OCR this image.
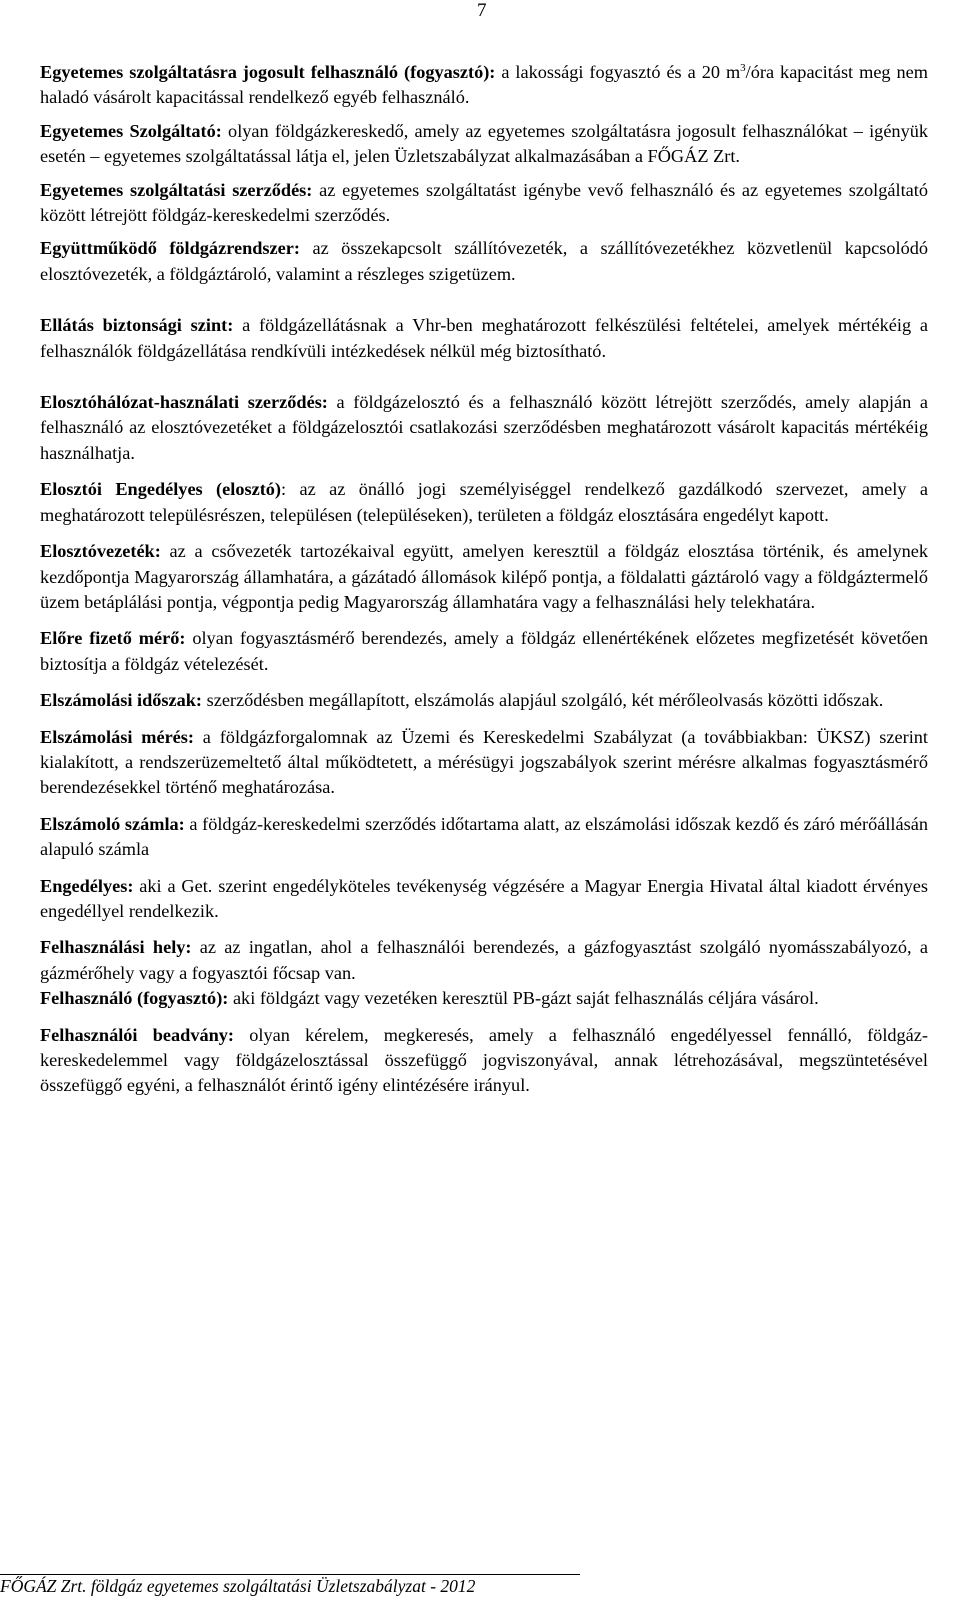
7

Egyetemes szolgáltatásra jogosult felhasználó (fogyasztó): a lakossági fogyasztó és a 20 $m^3$/óra kapacitást meg nem haladó vásárolt kapacitással rendelkező egyéb felhasználó.

Egyetemes Szolgáltató: olyan földgázkereskedő, amely az egyetemes szolgáltatásra jogosult felhasználókat – igényük esetén – egyetemes szolgáltatással látja el, jelen Üzletszabályzat alkalmazásában a FŐGÁZ Zrt.

Egyetemes szolgáltatási szerződés: az egyetemes szolgáltatást igénybe vevő felhasználó és az egyetemes szolgáltató között létrejött földgáz-kereskedelmi szerződés.

Együttműködő földgázrendszer: az összekapcsolt szállítóvezeték, a szállítóvezetékhez közvetlenül kapcsolódó elosztóvezeték, a földgáztároló, valamint a részleges szigetüzem.

Ellátás biztonsági szint: a földgázellátásnak a Vhr-ben meghatározott felkészülési feltételei, amelyek mértékéig a felhasználók földgázellátása rendkívüli intézkedések nélkül még biztosítható.

Elosztóhálózat-használati szerződés: a földgázelosztó és a felhasználó között létrejött szerződés, amely alapján a felhasználó az elosztóvezetéket a földgázelosztói csatlakozási szerződésben meghatározott vásárolt kapacitás mértékéig használhatja.

Elosztói Engedélyes (elosztó): az az önálló jogi személyiséggel rendelkező gazdálkodó szervezet, amely a meghatározott településrészen, településen (településeken), területen a földgáz elosztására engedélyt kapott.

Elosztóvezeték: az a csővezeték tartozékaival együtt, amelyen keresztül a földgáz elosztása történik, és amelynek kezdőpontja Magyarország államhatára, a gázátadó állomások kilépő pontja, a földalatti gáztároló vagy a földgáztermelő üzem betáplálási pontja, végpontja pedig Magyarország államhatára vagy a felhasználási hely telekhatára.

Előre fizető mérő: olyan fogyasztásmérő berendezés, amely a földgáz ellenértékének előzetes megfizetését követően biztosítja a földgáz vételezését.

Elszámolási időszak: szerződésben megállapított, elszámolás alapjául szolgáló, két mérőleolvasás közötti időszak.

Elszámolási mérés: a földgázforgalomnak az Üzemi és Kereskedelmi Szabályzat (a továbbiakban: ÜKSZ) szerint kialakított, a rendszerüzemeltető által működtetett, a mérésügyi jogszabályok szerint mérésre alkalmas fogyasztásmérő berendezésekkel történő meghatározása.

Elszámoló számla: a földgáz-kereskedelmi szerződés időtartama alatt, az elszámolási időszak kezdő és záró mérőállásán alapuló számla

Engedélyes: aki a Get. szerint engedélyköteles tevékenység végzésére a Magyar Energia Hivatal által kiadott érvényes engedéllyel rendelkezik.

Felhasználási hely: az az ingatlan, ahol a felhasználói berendezés, a gázfogyasztást szolgáló nyomásszabályozó, a gázmérőhely vagy a fogyasztói főcsap van.

Felhasználó (fogyasztó): aki földgázt vagy vezetéken keresztül PB-gázt saját felhasználás céljára vásárol.

Felhasználói beadvány: olyan kérelem, megkeresés, amely a felhasználó engedélyessel fennálló, földgáz-kereskedelemmel vagy földgázelosztással összefüggő jogviszonyával, annak létrehozásával, megszüntetésével összefüggő egyéni, a felhasználót érintő igény elintézésére irányul.

FŐGÁZ Zrt. földgáz egyetemes szolgáltatási Üzletszabályzat - 2012
